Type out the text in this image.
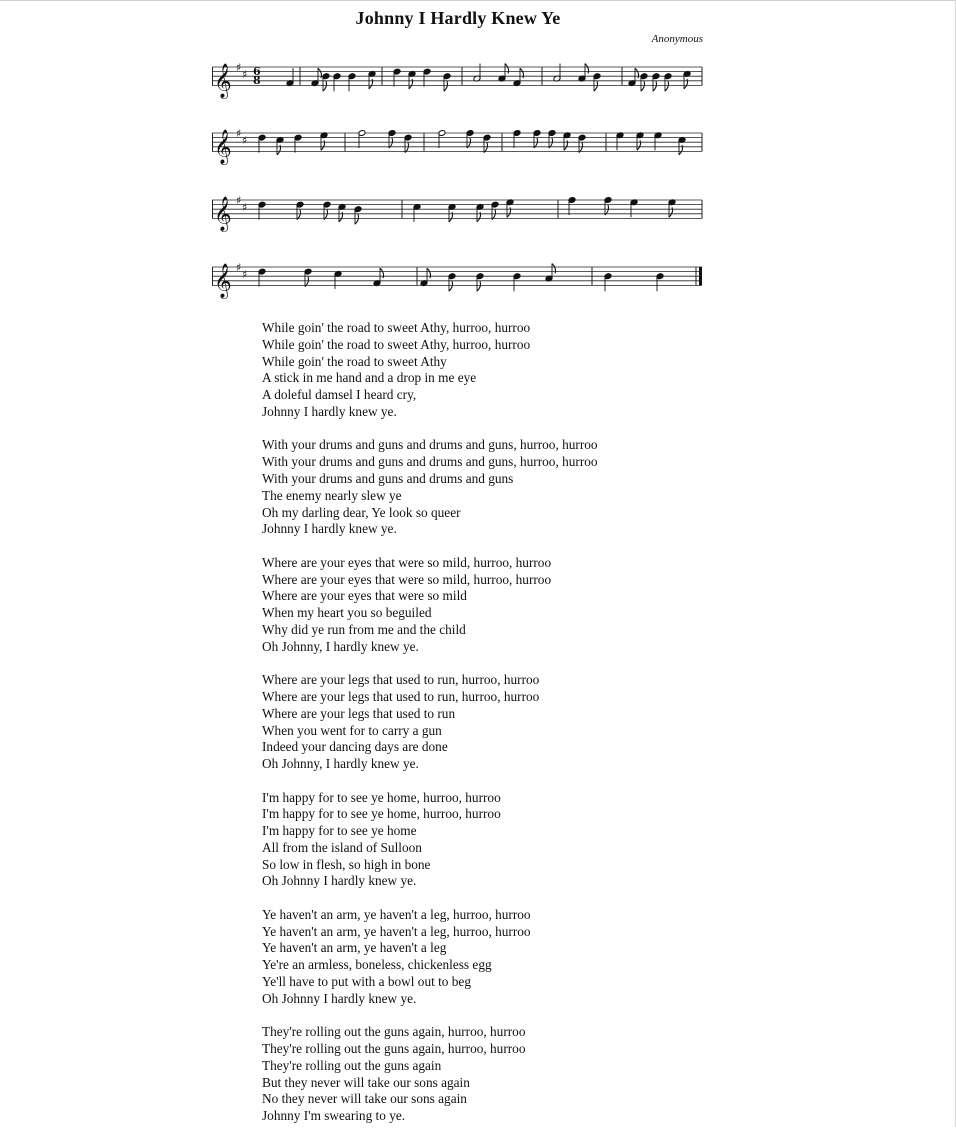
Johnny I Hardly Knew Ye
Anonymous
𝄞 ♯
♯ 6
8
𝄞 ♯
♯
𝄞 ♯
♯
𝄞 ♯
♯
While goin' the road to sweet Athy, hurroo, hurroo
While goin' the road to sweet Athy, hurroo, hurroo
While goin' the road to sweet Athy
A stick in me hand and a drop in me eye
A doleful damsel I heard cry,
Johnny I hardly knew ye.
With your drums and guns and drums and guns, hurroo, hurroo
With your drums and guns and drums and guns, hurroo, hurroo
With your drums and guns and drums and guns
The enemy nearly slew ye
Oh my darling dear, Ye look so queer
Johnny I hardly knew ye.
Where are your eyes that were so mild, hurroo, hurroo
Where are your eyes that were so mild, hurroo, hurroo
Where are your eyes that were so mild
When my heart you so beguiled
Why did ye run from me and the child
Oh Johnny, I hardly knew ye.
Where are your legs that used to run, hurroo, hurroo
Where are your legs that used to run, hurroo, hurroo
Where are your legs that used to run
When you went for to carry a gun
Indeed your dancing days are done
Oh Johnny, I hardly knew ye.
I'm happy for to see ye home, hurroo, hurroo
I'm happy for to see ye home, hurroo, hurroo
I'm happy for to see ye home
All from the island of Sulloon
So low in flesh, so high in bone
Oh Johnny I hardly knew ye.
Ye haven't an arm, ye haven't a leg, hurroo, hurroo
Ye haven't an arm, ye haven't a leg, hurroo, hurroo
Ye haven't an arm, ye haven't a leg
Ye're an armless, boneless, chickenless egg
Ye'll have to put with a bowl out to beg
Oh Johnny I hardly knew ye.
They're rolling out the guns again, hurroo, hurroo
They're rolling out the guns again, hurroo, hurroo
They're rolling out the guns again
But they never will take our sons again
No they never will take our sons again
Johnny I'm swearing to ye.
